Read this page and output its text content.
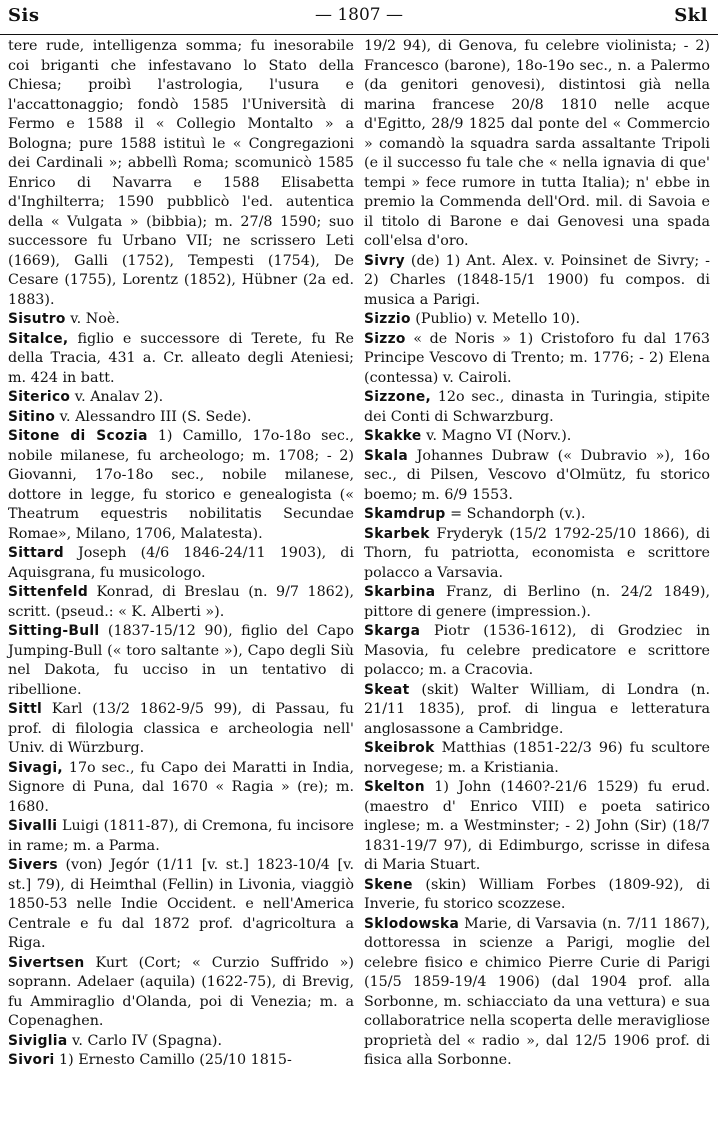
Sis	— 1807 —	Skl

tere rude, intelligenza somma; fu inesorabile coi briganti che infestavano lo Stato della Chiesa; proibì l'astrologia, l'usura e l'accattonaggio; fondò 1585 l'Università di Fermo e 1588 il « Collegio Montalto » a Bologna; pure 1588 istituì le « Congregazioni dei Cardinali »; abbellì Roma; scomunicò 1585 Enrico di Navarra e 1588 Elisabetta d'Inghilterra; 1590 pubblicò l'ed. autentica della « Vulgata » (bibbia); m. 27/8 1590; suo successore fu Urbano VII; ne scrissero Leti (1669), Galli (1752), Tempesti (1754), De Cesare (1755), Lorentz (1852), Hübner (2a ed. 1883).

Sisutro v. Noè.

Sitalce, figlio e successore di Terete, fu Re della Tracia, 431 a. Cr. alleato degli Ateniesi; m. 424 in batt.

Siterico v. Analav 2).

Sitino v. Alessandro III (S. Sede).

Sitone di Scozia 1) Camillo, 17o-18o sec., nobile milanese, fu archeologo; m. 1708; - 2) Giovanni, 17o-18o sec., nobile milanese, dottore in legge, fu storico e genealogista (« Theatrum equestris nobilitatis Secundae Romae», Milano, 1706, Malatesta).

Sittard Joseph (4/6 1846-24/11 1903), di Aquisgrana, fu musicologo.

Sittenfeld Konrad, di Breslau (n. 9/7 1862), scritt. (pseud.: « K. Alberti »).

Sitting-Bull (1837-15/12 90), figlio del Capo Jumping-Bull (« toro saltante »), Capo degli Siù nel Dakota, fu ucciso in un tentativo di ribellione.

Sittl Karl (13/2 1862-9/5 99), di Passau, fu prof. di filologia classica e archeologia nell' Univ. di Würzburg.

Sivagi, 17o sec., fu Capo dei Maratti in India, Signore di Puna, dal 1670 « Ragia » (re); m. 1680.

Sivalli Luigi (1811-87), di Cremona, fu incisore in rame; m. a Parma.

Sivers (von) Jegór (1/11 [v. st.] 1823-10/4 [v. st.] 79), di Heimthal (Fellin) in Livonia, viaggiò 1850-53 nelle Indie Occident. e nell'America Centrale e fu dal 1872 prof. d'agricoltura a Riga.

Sivertsen Kurt (Cort; « Curzio Suffrido ») soprann. Adelaer (aquila) (1622-75), di Brevig, fu Ammiraglio d'Olanda, poi di Venezia; m. a Copenaghen.

Siviglia v. Carlo IV (Spagna).

Sivori 1) Ernesto Camillo (25/10 1815-

19/2 94), di Genova, fu celebre violinista; - 2) Francesco (barone), 18o-19o sec., n. a Palermo (da genitori genovesi), distintosi già nella marina francese 20/8 1810 nelle acque d'Egitto, 28/9 1825 dal ponte del « Commercio » comandò la squadra sarda assaltante Tripoli (e il successo fu tale che « nella ignavia di que' tempi » fece rumore in tutta Italia); n' ebbe in premio la Commenda dell'Ord. mil. di Savoia e il titolo di Barone e dai Genovesi una spada coll'elsa d'oro.

Sivry (de) 1) Ant. Alex. v. Poinsinet de Sivry; - 2) Charles (1848-15/1 1900) fu compos. di musica a Parigi.

Sizzio (Publio) v. Metello 10).

Sizzo « de Noris » 1) Cristoforo fu dal 1763 Principe Vescovo di Trento; m. 1776; - 2) Elena (contessa) v. Cairoli.

Sizzone, 12o sec., dinasta in Turingia, stipite dei Conti di Schwarzburg.

Skakke v. Magno VI (Norv.).

Skala Johannes Dubraw (« Dubravio »), 16o sec., di Pilsen, Vescovo d'Olmütz, fu storico boemo; m. 6/9 1553.

Skamdrup = Schandorph (v.).

Skarbek Fryderyk (15/2 1792-25/10 1866), di Thorn, fu patriotta, economista e scrittore polacco a Varsavia.

Skarbina Franz, di Berlino (n. 24/2 1849), pittore di genere (impression.).

Skarga Piotr (1536-1612), di Grodziec in Masovia, fu celebre predicatore e scrittore polacco; m. a Cracovia.

Skeat (skit) Walter William, di Londra (n. 21/11 1835), prof. di lingua e letteratura anglosassone a Cambridge.

Skeibrok Matthias (1851-22/3 96) fu scultore norvegese; m. a Kristiania.

Skelton 1) John (1460?-21/6 1529) fu erud. (maestro d' Enrico VIII) e poeta satirico inglese; m. a Westminster; - 2) John (Sir) (18/7 1831-19/7 97), di Edimburgo, scrisse in difesa di Maria Stuart.

Skene (skin) William Forbes (1809-92), di Inverie, fu storico scozzese.

Sklodowska Marie, di Varsavia (n. 7/11 1867), dottoressa in scienze a Parigi, moglie del celebre fisico e chimico Pierre Curie di Parigi (15/5 1859-19/4 1906) (dal 1904 prof. alla Sorbonne, m. schiacciato da una vettura) e sua collaboratrice nella scoperta delle meravigliose proprietà del « radio », dal 12/5 1906 prof. di fisica alla Sorbonne.
